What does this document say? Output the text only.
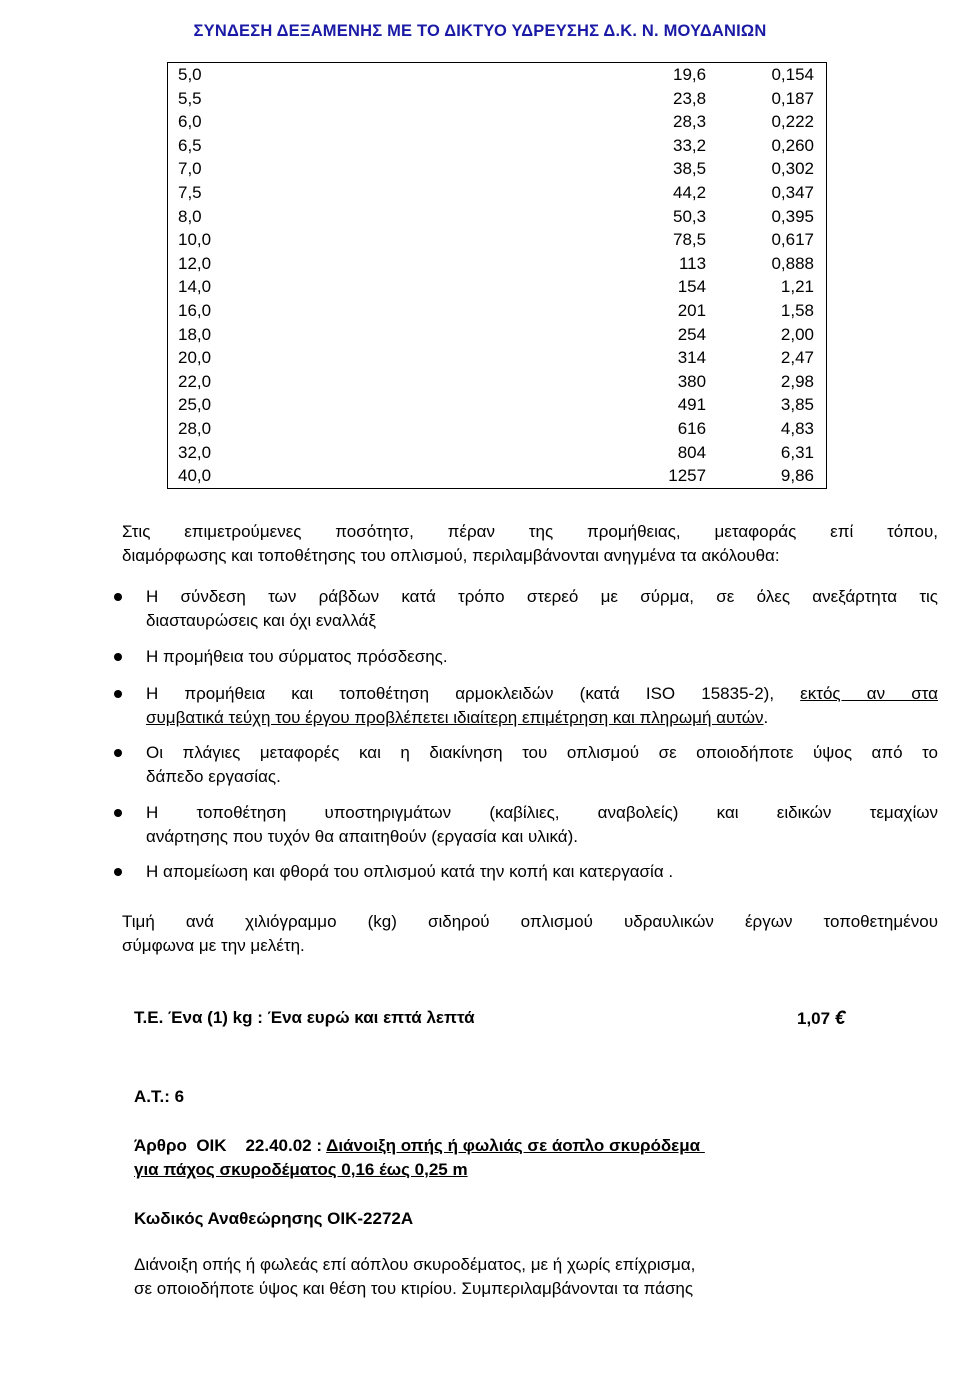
ΣΥΝΔΕΣΗ ΔΕΞΑΜΕΝΗΣ ΜΕ ΤΟ ΔΙΚΤΥΟ ΥΔΡΕΥΣΗΣ Δ.Κ. Ν. ΜΟΥΔΑΝΙΩΝ
5,0	19,6	0,154
5,5	23,8	0,187
6,0	28,3	0,222
6,5	33,2	0,260
7,0	38,5	0,302
7,5	44,2	0,347
8,0	50,3	0,395
10,0	78,5	0,617
12,0	113	0,888
14,0	154	1,21
16,0	201	1,58
18,0	254	2,00
20,0	314	2,47
22,0	380	2,98
25,0	491	3,85
28,0	616	4,83
32,0	804	6,31
40,0	1257	9,86
Στις επιμετρούμενες ποσότητσ, πέραν της προμήθειας, μεταφοράς επί τόπου,
διαμόρφωσης και τοποθέτησης του οπλισμού, περιλαμβάνονται ανηγμένα τα ακόλουθα:
Η σύνδεση των ράβδων κατά τρόπο στερεό με σύρμα, σε όλες ανεξάρτητα τις
διασταυρώσεις και όχι εναλλάξ
Η προμήθεια του σύρματος πρόσδεσης.
Η προμήθεια και τοποθέτηση αρμοκλειδών (κατά ISO 15835-2), εκτός αν στα
συμβατικά τεύχη του έργου προβλέπετει ιδιαίτερη επιμέτρηση και πληρωμή αυτών.
Οι πλάγιες μεταφορές και η διακίνηση του οπλισμού σε οποιοδήποτε ύψος από το
δάπεδο εργασίας.
Η τοποθέτηση υποστηριγμάτων (καβίλιες, αναβολείς) και ειδικών τεμαχίων
ανάρτησης που τυχόν θα απαιτηθούν (εργασία και υλικά).
Η απομείωση και φθορά του οπλισμού κατά την κοπή και κατεργασία .
Τιμή ανά χιλιόγραμμο (kg) σιδηρού οπλισμού υδραυλικών έργων τοποθετημένου
σύμφωνα με την μελέτη.
Τ.Ε. Ένα (1) kg : Ένα ευρώ και επτά λεπτά	1,07 €
Α.Τ.: 6
Άρθρο  ΟΙΚ    22.40.02 : Διάνοιξη οπής ή φωλιάς σε άοπλο σκυρόδεμα
για πάχος σκυροδέματος 0,16 έως 0,25 m
Κωδικός Αναθεώρησης ΟΙΚ-2272Α
Διάνοιξη οπής ή φωλεάς επί αόπλου σκυροδέματος, με ή χωρίς επίχρισμα,
σε οποιοδήποτε ύψος και θέση του κτιρίου. Συμπεριλαμβάνονται τα πάσης
